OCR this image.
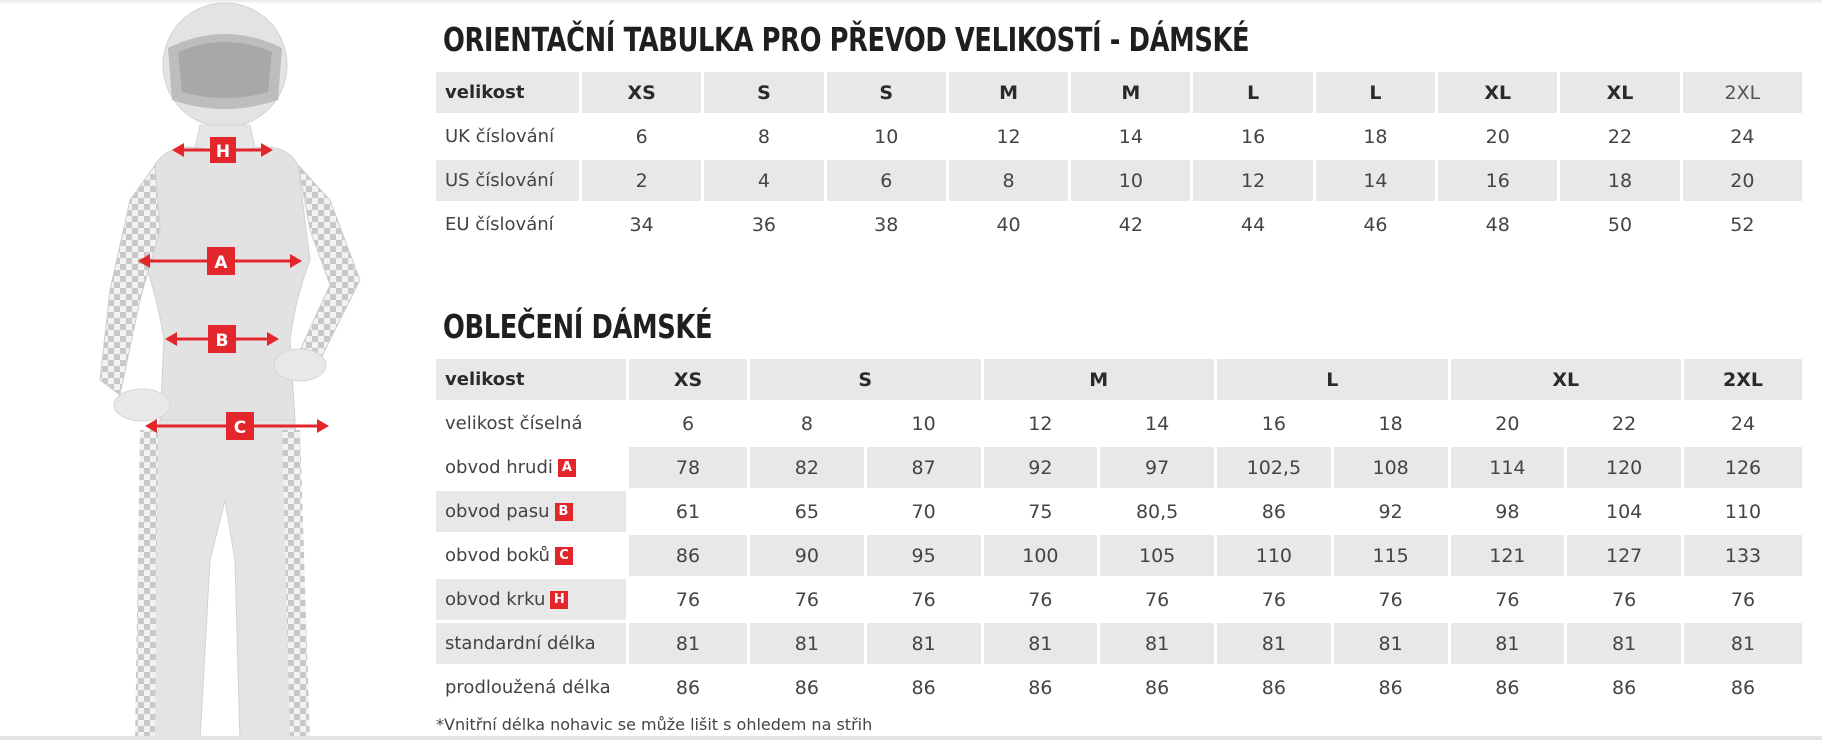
H
A
B
C
ORIENTAČNÍ TABULKA PRO PŘEVOD VELIKOSTÍ - DÁMSKÉ
velikost	XS	S	S	M	M	L	L	XL	XL	2XL
UK číslování	6	8	10	12	14	16	18	20	22	24
US číslování	2	4	6	8	10	12	14	16	18	20
EU číslování	34	36	38	40	42	44	46	48	50	52
OBLEČENÍ DÁMSKÉ
velikost	XS	S		M		L		XL		2XL
velikost číselná	6	8	10	12	14	16	18	20	22	24
obvod hrudi A	78	82	87	92	97	102,5	108	114	120	126
obvod pasu B	61	65	70	75	80,5	86	92	98	104	110
obvod boků C	86	90	95	100	105	110	115	121	127	133
obvod krku H	76	76	76	76	76	76	76	76	76	76
standardní délka	81	81	81	81	81	81	81	81	81	81
prodloužená délka	86	86	86	86	86	86	86	86	86	86

*Vnitřní délka nohavic se může lišit s ohledem na střih
